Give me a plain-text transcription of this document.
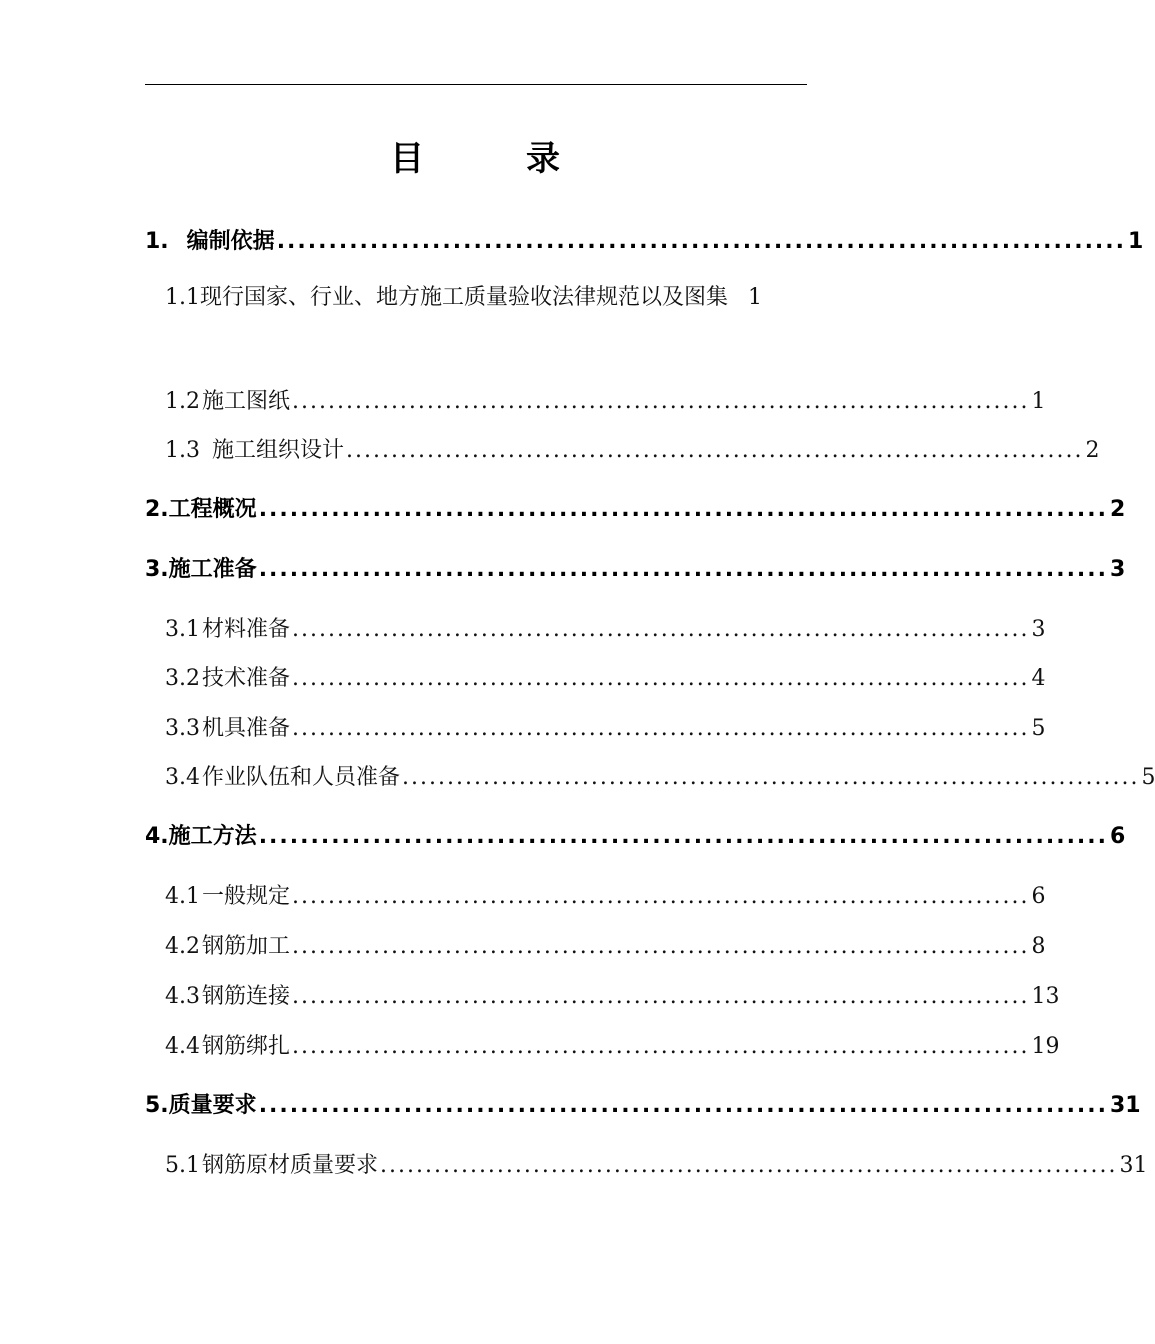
目　录
1. 编制依据 .................................................................................. 1
1.1现行国家、行业、地方施工质量验收法律规范以及图集 1
1.2 施工图纸 .................................................................................. 1
1.3 施工组织设计 .................................................................................. 2
2. 工程概况 .................................................................................. 2
3. 施工准备 .................................................................................. 3
3.1 材料准备 .................................................................................. 3
3.2 技术准备 .................................................................................. 4
3.3 机具准备 .................................................................................. 5
3.4 作业队伍和人员准备 .................................................................................. 5
4. 施工方法 .................................................................................. 6
4.1 一般规定 .................................................................................. 6
4.2 钢筋加工 .................................................................................. 8
4.3 钢筋连接 .................................................................................. 13
4.4 钢筋绑扎 .................................................................................. 19
5. 质量要求 .................................................................................. 31
5.1 钢筋原材质量要求 .................................................................................. 31
